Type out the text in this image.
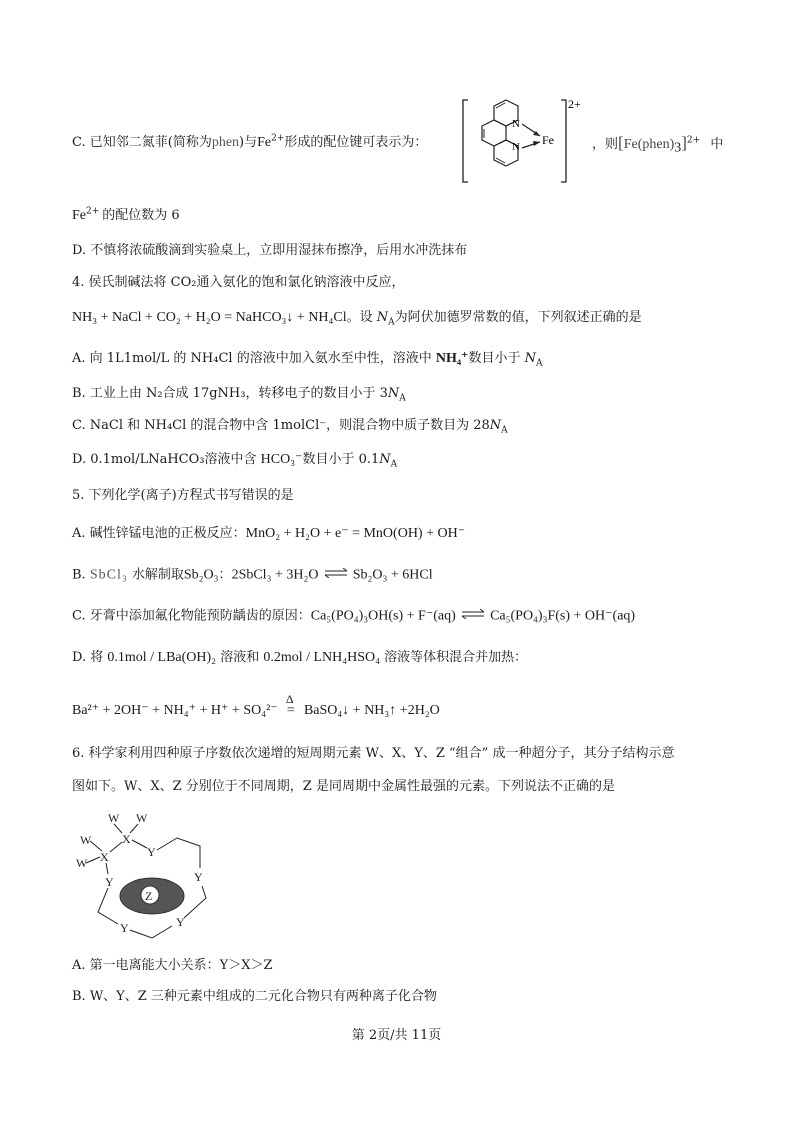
C. 已知邻二氮菲(简称为phen)与$Fe^{2+}$形成的配位键可表示为：
N
N Fe
2+
，则$[Fe(phen)_3]^{2+}$ 中
$Fe^{2+}$ 的配位数为 6
D. 不慎将浓硫酸滴到实验桌上，立即用湿抹布擦净，后用水冲洗抹布
4. 侯氏制碱法将 CO₂通入氨化的饱和氯化钠溶液中反应，
NH₃ + NaCl + CO₂ + H₂O = NaHCO₃↓ + NH₄Cl。设 $N_A$为阿伏加德罗常数的值，下列叙述正确的是
A. 向 1L1mol/L 的 NH₄Cl 的溶液中加入氨水至中性，溶液中 NH₄⁺数目小于 $N_A$
B. 工业上由 N₂合成 17gNH₃，转移电子的数目小于 $3N_A$
C. NaCl 和 NH₄Cl 的混合物中含 1molCl⁻，则混合物中质子数目为 $28N_A$
D. 0.1mol/LNaHCO₃溶液中含 HCO₃⁻数目小于 $0.1N_A$
5. 下列化学(离子)方程式书写错误的是
A. 碱性锌锰电池的正极反应：MnO₂ + H₂O + e⁻ = MnO(OH) + OH⁻
B. SbCl₃ 水解制取Sb₂O₃：2SbCl₃ + 3H₂O ⇌ Sb₂O₃ + 6HCl
C. 牙膏中添加氟化物能预防龋齿的原因：Ca₅(PO₄)₃OH(s) + F⁻(aq) ⇌ Ca₅(PO₄)₃F(s) + OH⁻(aq)
D. 将 0.1mol / LBa(OH)₂ 溶液和 0.2mol / LNH₄HSO₄ 溶液等体积混合并加热：
Ba²⁺ + 2OH⁻ + NH₄⁺ + H⁺ + SO₄²⁻
Δ
= BaSO₄↓ + NH₃↑ +2H₂O
6. 科学家利用四种原子序数依次递增的短周期元素 W、X、Y、Z “组合” 成一种超分子，其分子结构示意
图如下。W、X、Z 分别位于不同周期，Z 是同周期中金属性最强的元素。下列说法不正确的是
W W
X
W
W X	Y
Y	Y
Y	Y
Z
A. 第一电离能大小关系：Y＞X＞Z
B. W、Y、Z 三种元素中组成的二元化合物只有两种离子化合物
第 2页/共 11页
